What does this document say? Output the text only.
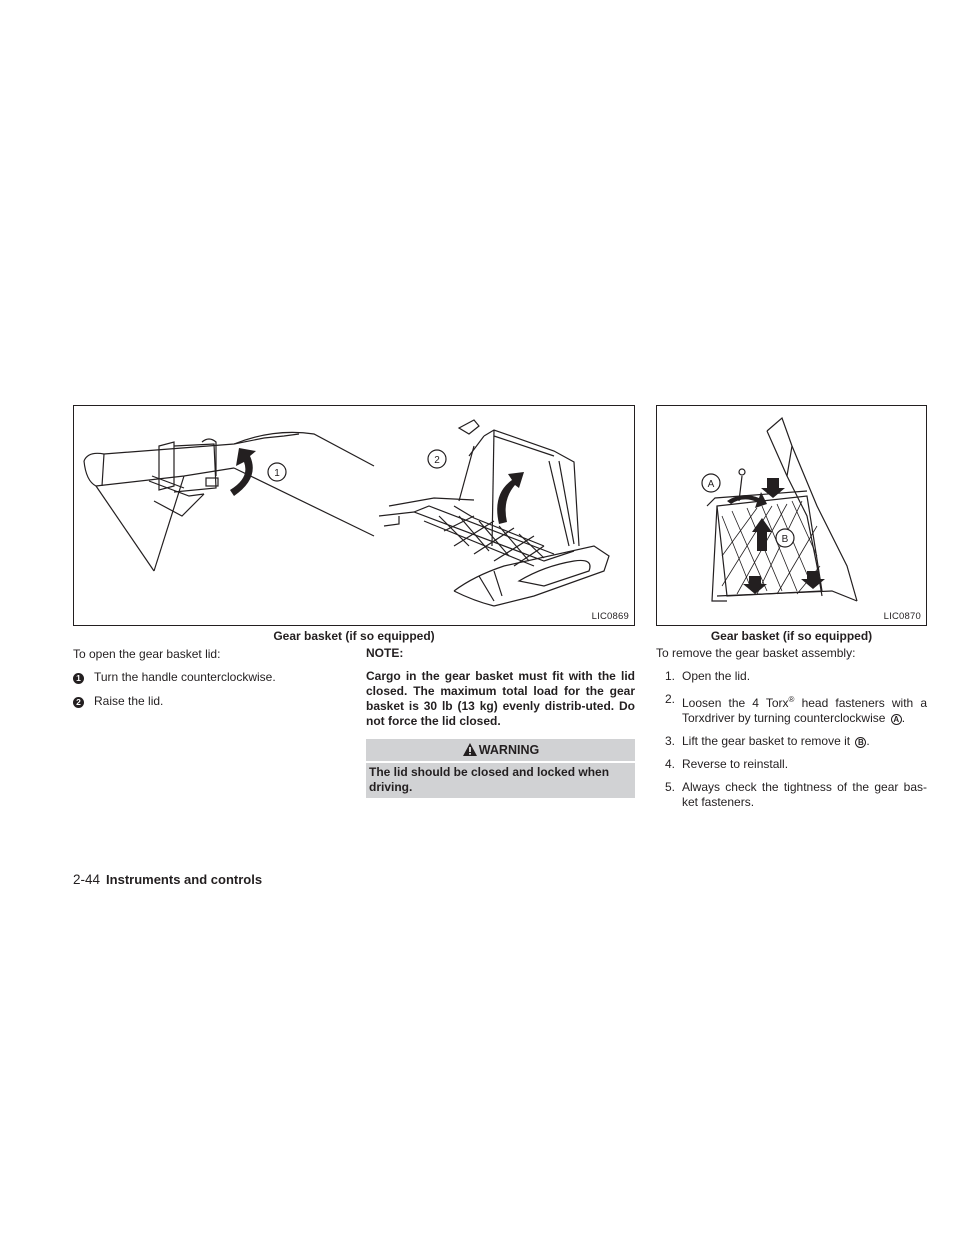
1
2
LIC0869
Gear basket (if so equipped)
A
B
LIC0870
Gear basket (if so equipped)
To open the gear basket lid:
1 Turn the handle counterclockwise.
2 Raise the lid.
NOTE:
Cargo in the gear basket must fit with the lid closed. The maximum total load for the gear basket is 30 lb (13 kg) evenly distrib-uted. Do not force the lid closed.
WARNING
The lid should be closed and locked when driving.
To remove the gear basket assembly:
1. Open the lid.
2. Loosen the 4 Torx® head fasteners with a Torxdriver by turning counterclockwise A .
3. Lift the gear basket to remove it B .
4. Reverse to reinstall.
5. Always check the tightness of the gear bas-ket fasteners.
2-44 Instruments and controls
